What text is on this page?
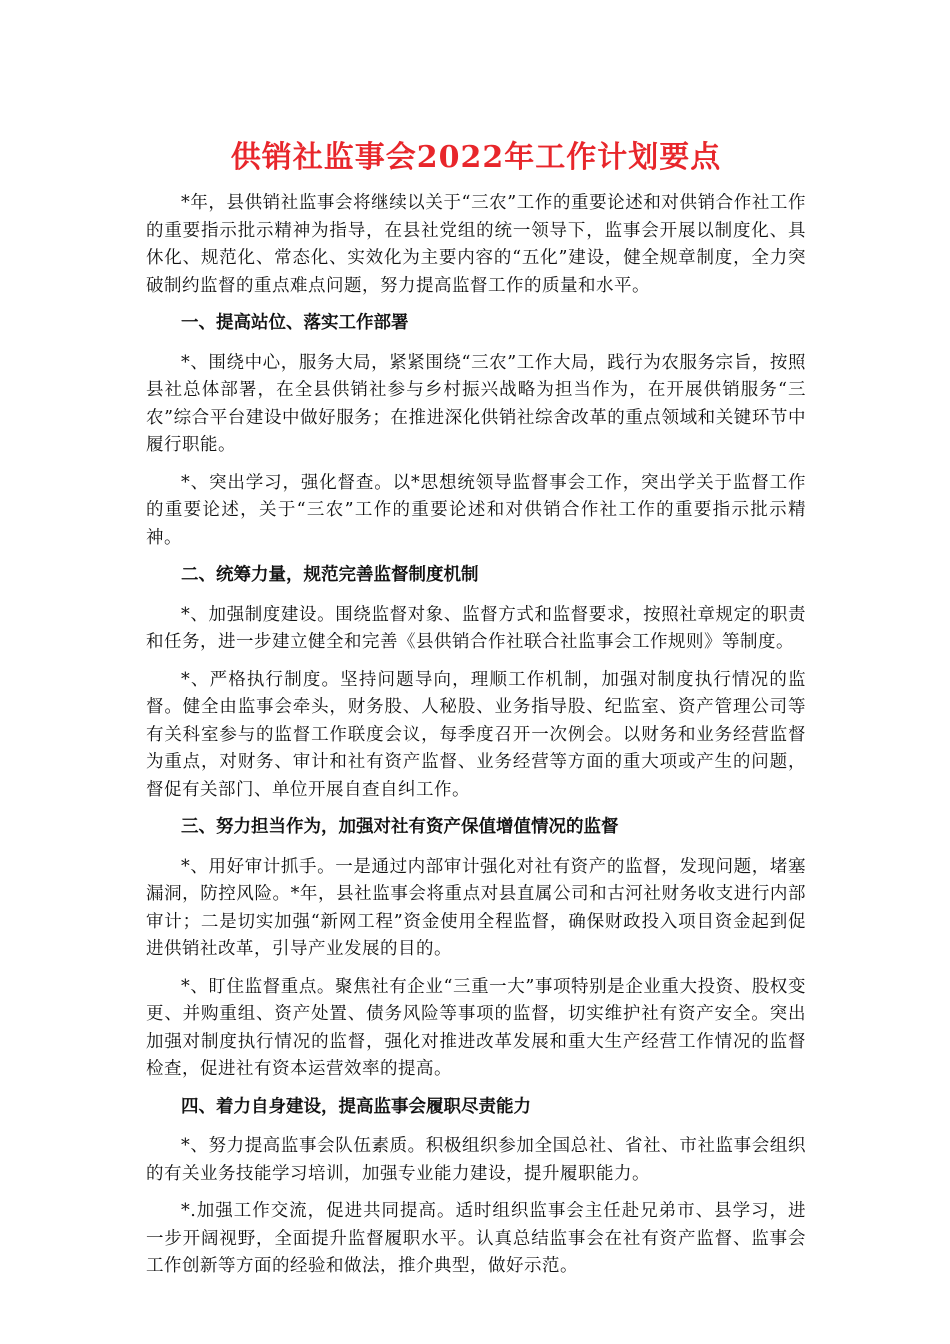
供销社监事会2022年工作计划要点

*年，县供销社监事会将继续以关于“三农”工作的重要论述和对供销合作社工作的重要指示批示精神为指导，在县社党组的统一领导下，监事会开展以制度化、具休化、规范化、常态化、实效化为主要内容的“五化”建设，健全规章制度，全力突破制约监督的重点难点问题，努力提高监督工作的质量和水平。

一、提高站位、落实工作部署

*、围绕中心，服务大局，紧紧围绕“三农”工作大局，践行为农服务宗旨，按照县社总体部署，在全县供销社参与乡村振兴战略为担当作为，在开展供销服务“三农”综合平台建设中做好服务；在推进深化供销社综舍改革的重点领域和关键环节中履行职能。

*、突出学习，强化督查。以*思想统领导监督事会工作，突出学关于监督工作的重要论述，关于“三农”工作的重要论述和对供销合作社工作的重要指示批示精神。

二、统筹力量，规范完善监督制度机制

*、加强制度建设。围绕监督对象、监督方式和监督要求，按照社章规定的职责和任务，进一步建立健全和完善《县供销合作社联合社监事会工作规则》等制度。

*、严格执行制度。坚持问题导向，理顺工作机制，加强对制度执行情况的监督。健全由监事会牵头，财务股、人秘股、业务指导股、纪监室、资产管理公司等有关科室参与的监督工作联度会议，每季度召开一次例会。以财务和业务经营监督为重点，对财务、审计和社有资产监督、业务经营等方面的重大项或产生的问题，督促有关部门、单位开展自查自纠工作。

三、努力担当作为，加强对社有资产保值增值情况的监督

*、用好审计抓手。一是通过内部审计强化对社有资产的监督，发现问题，堵塞漏洞，防控风险。*年，县社监事会将重点对县直属公司和古河社财务收支进行内部审计；二是切实加强“新网工程”资金使用全程监督，确保财政投入项目资金起到促进供销社改革，引导产业发展的目的。

*、盯住监督重点。聚焦社有企业“三重一大”事项特别是企业重大投资、股权变更、并购重组、资产处置、债务风险等事项的监督，切实维护社有资产安全。突出加强对制度执行情况的监督，强化对推进改革发展和重大生产经营工作情况的监督检查，促进社有资本运营效率的提高。

四、着力自身建设，提高监事会履职尽责能力

*、努力提高监事会队伍素质。积极组织参加全国总社、省社、市社监事会组织的有关业务技能学习培训，加强专业能力建设，提升履职能力。

*.加强工作交流，促进共同提高。适时组织监事会主任赴兄弟市、县学习，进一步开阔视野，全面提升监督履职水平。认真总结监事会在社有资产监督、监事会工作创新等方面的经验和做法，推介典型，做好示范。
